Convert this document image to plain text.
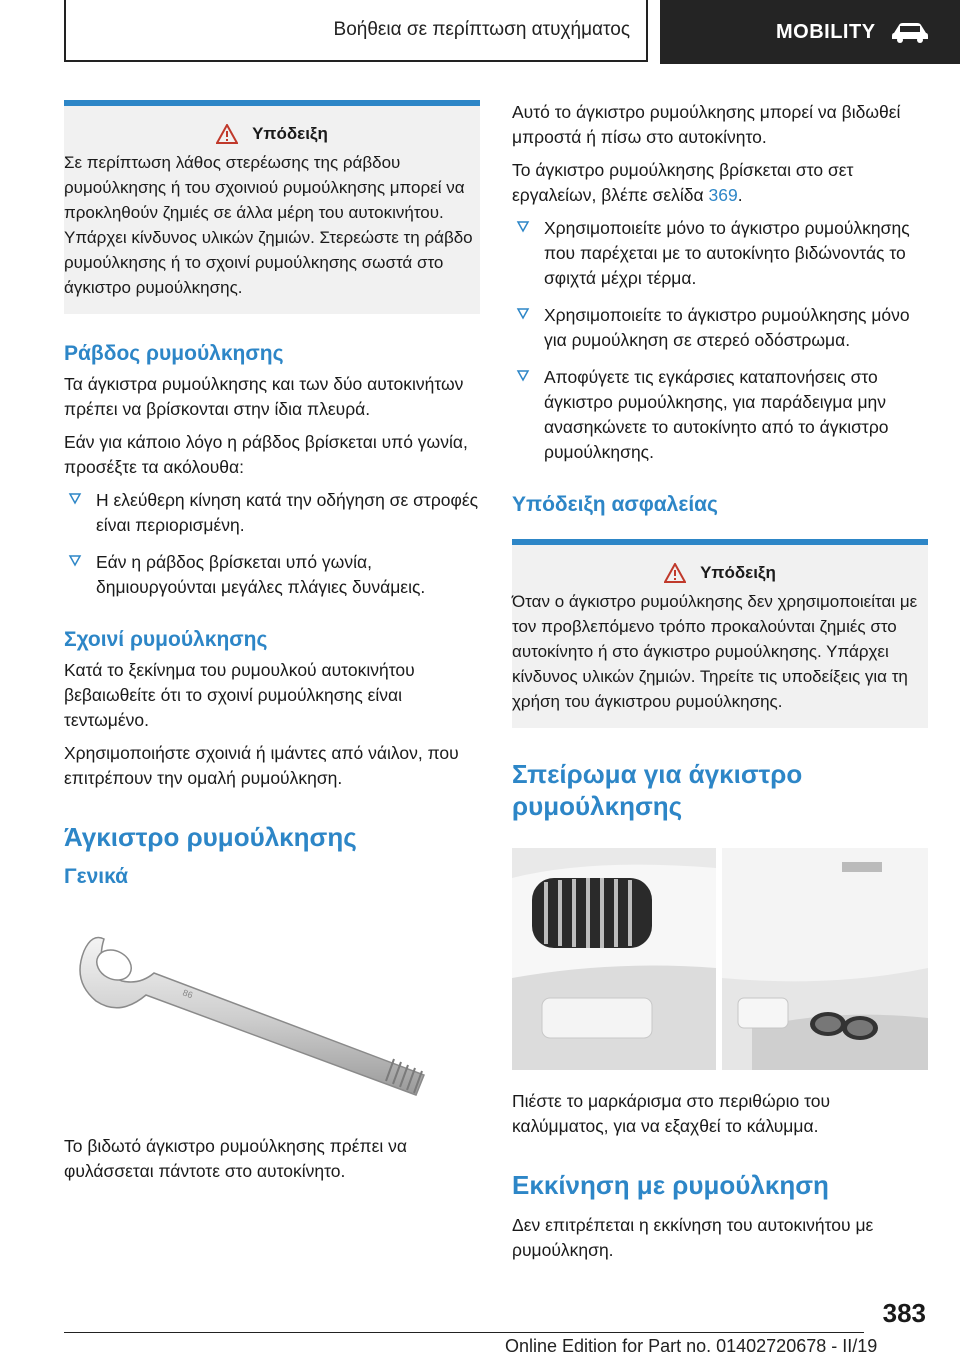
Βοήθεια σε περίπτωση ατυχήματος	MOBILITY
Υπόδειξη

Σε περίπτωση λάθος στερέωσης της ράβδου ρυμούλκησης ή του σχοινιού ρυμούλκησης μπορεί να προκληθούν ζημιές σε άλλα μέρη του αυτοκινήτου. Υπάρχει κίνδυνος υλικών ζημιών. Στερεώστε τη ράβδο ρυμούλκησης ή το σχοινί ρυμούλκησης σωστά στο άγκιστρο ρυμούλκησης.

Ράβδος ρυμούλκησης

Τα άγκιστρα ρυμούλκησης και των δύο αυτοκινήτων πρέπει να βρίσκονται στην ίδια πλευρά.

Εάν για κάποιο λόγο η ράβδος βρίσκεται υπό γωνία, προσέξτε τα ακόλουθα:

Η ελεύθερη κίνηση κατά την οδήγηση σε στροφές είναι περιορισμένη.
Εάν η ράβδος βρίσκεται υπό γωνία, δημιουργούνται μεγάλες πλάγιες δυνάμεις.
Σχοινί ρυμούλκησης

Κατά το ξεκίνημα του ρυμουλκού αυτοκινήτου βεβαιωθείτε ότι το σχοινί ρυμούλκησης είναι τεντωμένο.

Χρησιμοποιήστε σχοινιά ή ιμάντες από νάιλον, που επιτρέπουν την ομαλή ρυμούλκηση.

Άγκιστρο ρυμούλκησης
Γενικά
86

Το βιδωτό άγκιστρο ρυμούλκησης πρέπει να φυλάσσεται πάντοτε στο αυτοκίνητο.

Αυτό το άγκιστρο ρυμούλκησης μπορεί να βιδωθεί μπροστά ή πίσω στο αυτοκίνητο.

Το άγκιστρο ρυμούλκησης βρίσκεται στο σετ εργαλείων, βλέπε σελίδα 369.

Χρησιμοποιείτε μόνο το άγκιστρο ρυμούλκησης που παρέχεται με το αυτοκίνητο βιδώνοντάς το σφιχτά μέχρι τέρμα.
Χρησιμοποιείτε το άγκιστρο ρυμούλκησης μόνο για ρυμούλκηση σε στερεό οδόστρωμα.
Αποφύγετε τις εγκάρσιες καταπονήσεις στο άγκιστρο ρυμούλκησης, για παράδειγμα μην ανασηκώνετε το αυτοκίνητο από το άγκιστρο ρυμούλκησης.
Υπόδειξη ασφαλείας
Υπόδειξη

Όταν ο άγκιστρο ρυμούλκησης δεν χρησιμοποιείται με τον προβλεπόμενο τρόπο προκαλούνται ζημιές στο αυτοκίνητο ή στο άγκιστρο ρυμούλκησης. Υπάρχει κίνδυνος υλικών ζημιών. Τηρείτε τις υποδείξεις για τη χρήση του άγκιστρου ρυμούλκησης.

Σπείρωμα για άγκιστρο ρυμούλκησης

Πιέστε το μαρκάρισμα στο περιθώριο του καλύμματος, για να εξαχθεί το κάλυμμα.

Εκκίνηση με ρυμούλκηση

Δεν επιτρέπεται η εκκίνηση του αυτοκινήτου με ρυμούλκηση.

383
Online Edition for Part no. 01402720678 - II/19
